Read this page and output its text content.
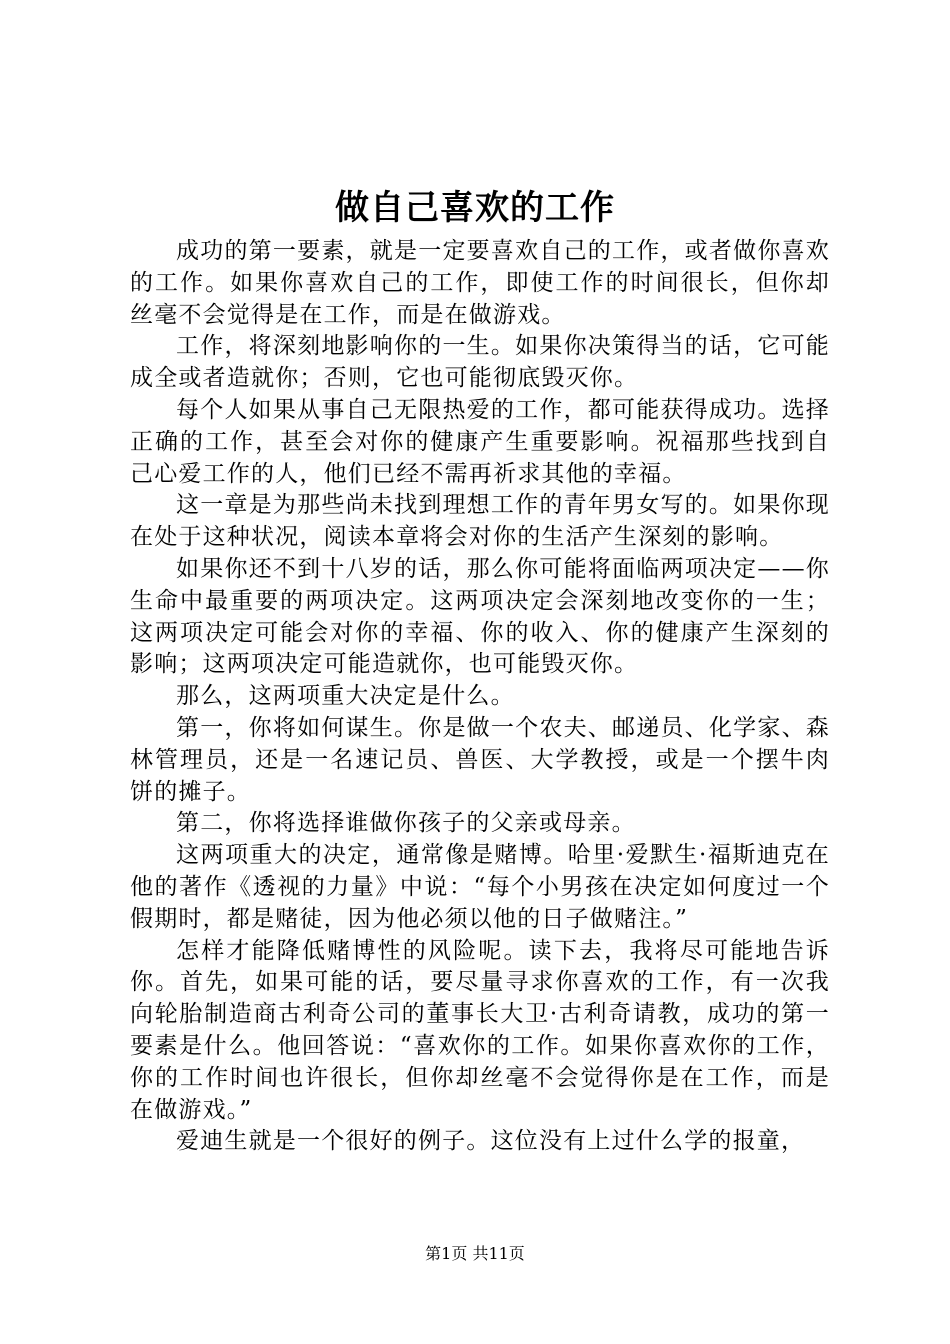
做自己喜欢的工作

成功的第一要素，就是一定要喜欢自己的工作，或者做你喜欢的工作。如果你喜欢自己的工作，即使工作的时间很长，但你却丝毫不会觉得是在工作，而是在做游戏。

工作，将深刻地影响你的一生。如果你决策得当的话，它可能成全或者造就你；否则，它也可能彻底毁灭你。

每个人如果从事自己无限热爱的工作，都可能获得成功。选择正确的工作，甚至会对你的健康产生重要影响。祝福那些找到自己心爱工作的人，他们已经不需再祈求其他的幸福。

这一章是为那些尚未找到理想工作的青年男女写的。如果你现在处于这种状况，阅读本章将会对你的生活产生深刻的影响。

如果你还不到十八岁的话，那么你可能将面临两项决定——你生命中最重要的两项决定。这两项决定会深刻地改变你的一生；这两项决定可能会对你的幸福、你的收入、你的健康产生深刻的影响；这两项决定可能造就你，也可能毁灭你。

那么，这两项重大决定是什么。

第一，你将如何谋生。你是做一个农夫、邮递员、化学家、森林管理员，还是一名速记员、兽医、大学教授，或是一个摆牛肉饼的摊子。

第二，你将选择谁做你孩子的父亲或母亲。

这两项重大的决定，通常像是赌博。哈里·爱默生·福斯迪克在他的著作《透视的力量》中说：“每个小男孩在决定如何度过一个假期时，都是赌徒，因为他必须以他的日子做赌注。”

怎样才能降低赌博性的风险呢。读下去，我将尽可能地告诉你。首先，如果可能的话，要尽量寻求你喜欢的工作，有一次我向轮胎制造商古利奇公司的董事长大卫·古利奇请教，成功的第一要素是什么。他回答说：“喜欢你的工作。如果你喜欢你的工作，你的工作时间也许很长，但你却丝毫不会觉得你是在工作，而是在做游戏。”

爱迪生就是一个很好的例子。这位没有上过什么学的报童，

第1页 共11页
